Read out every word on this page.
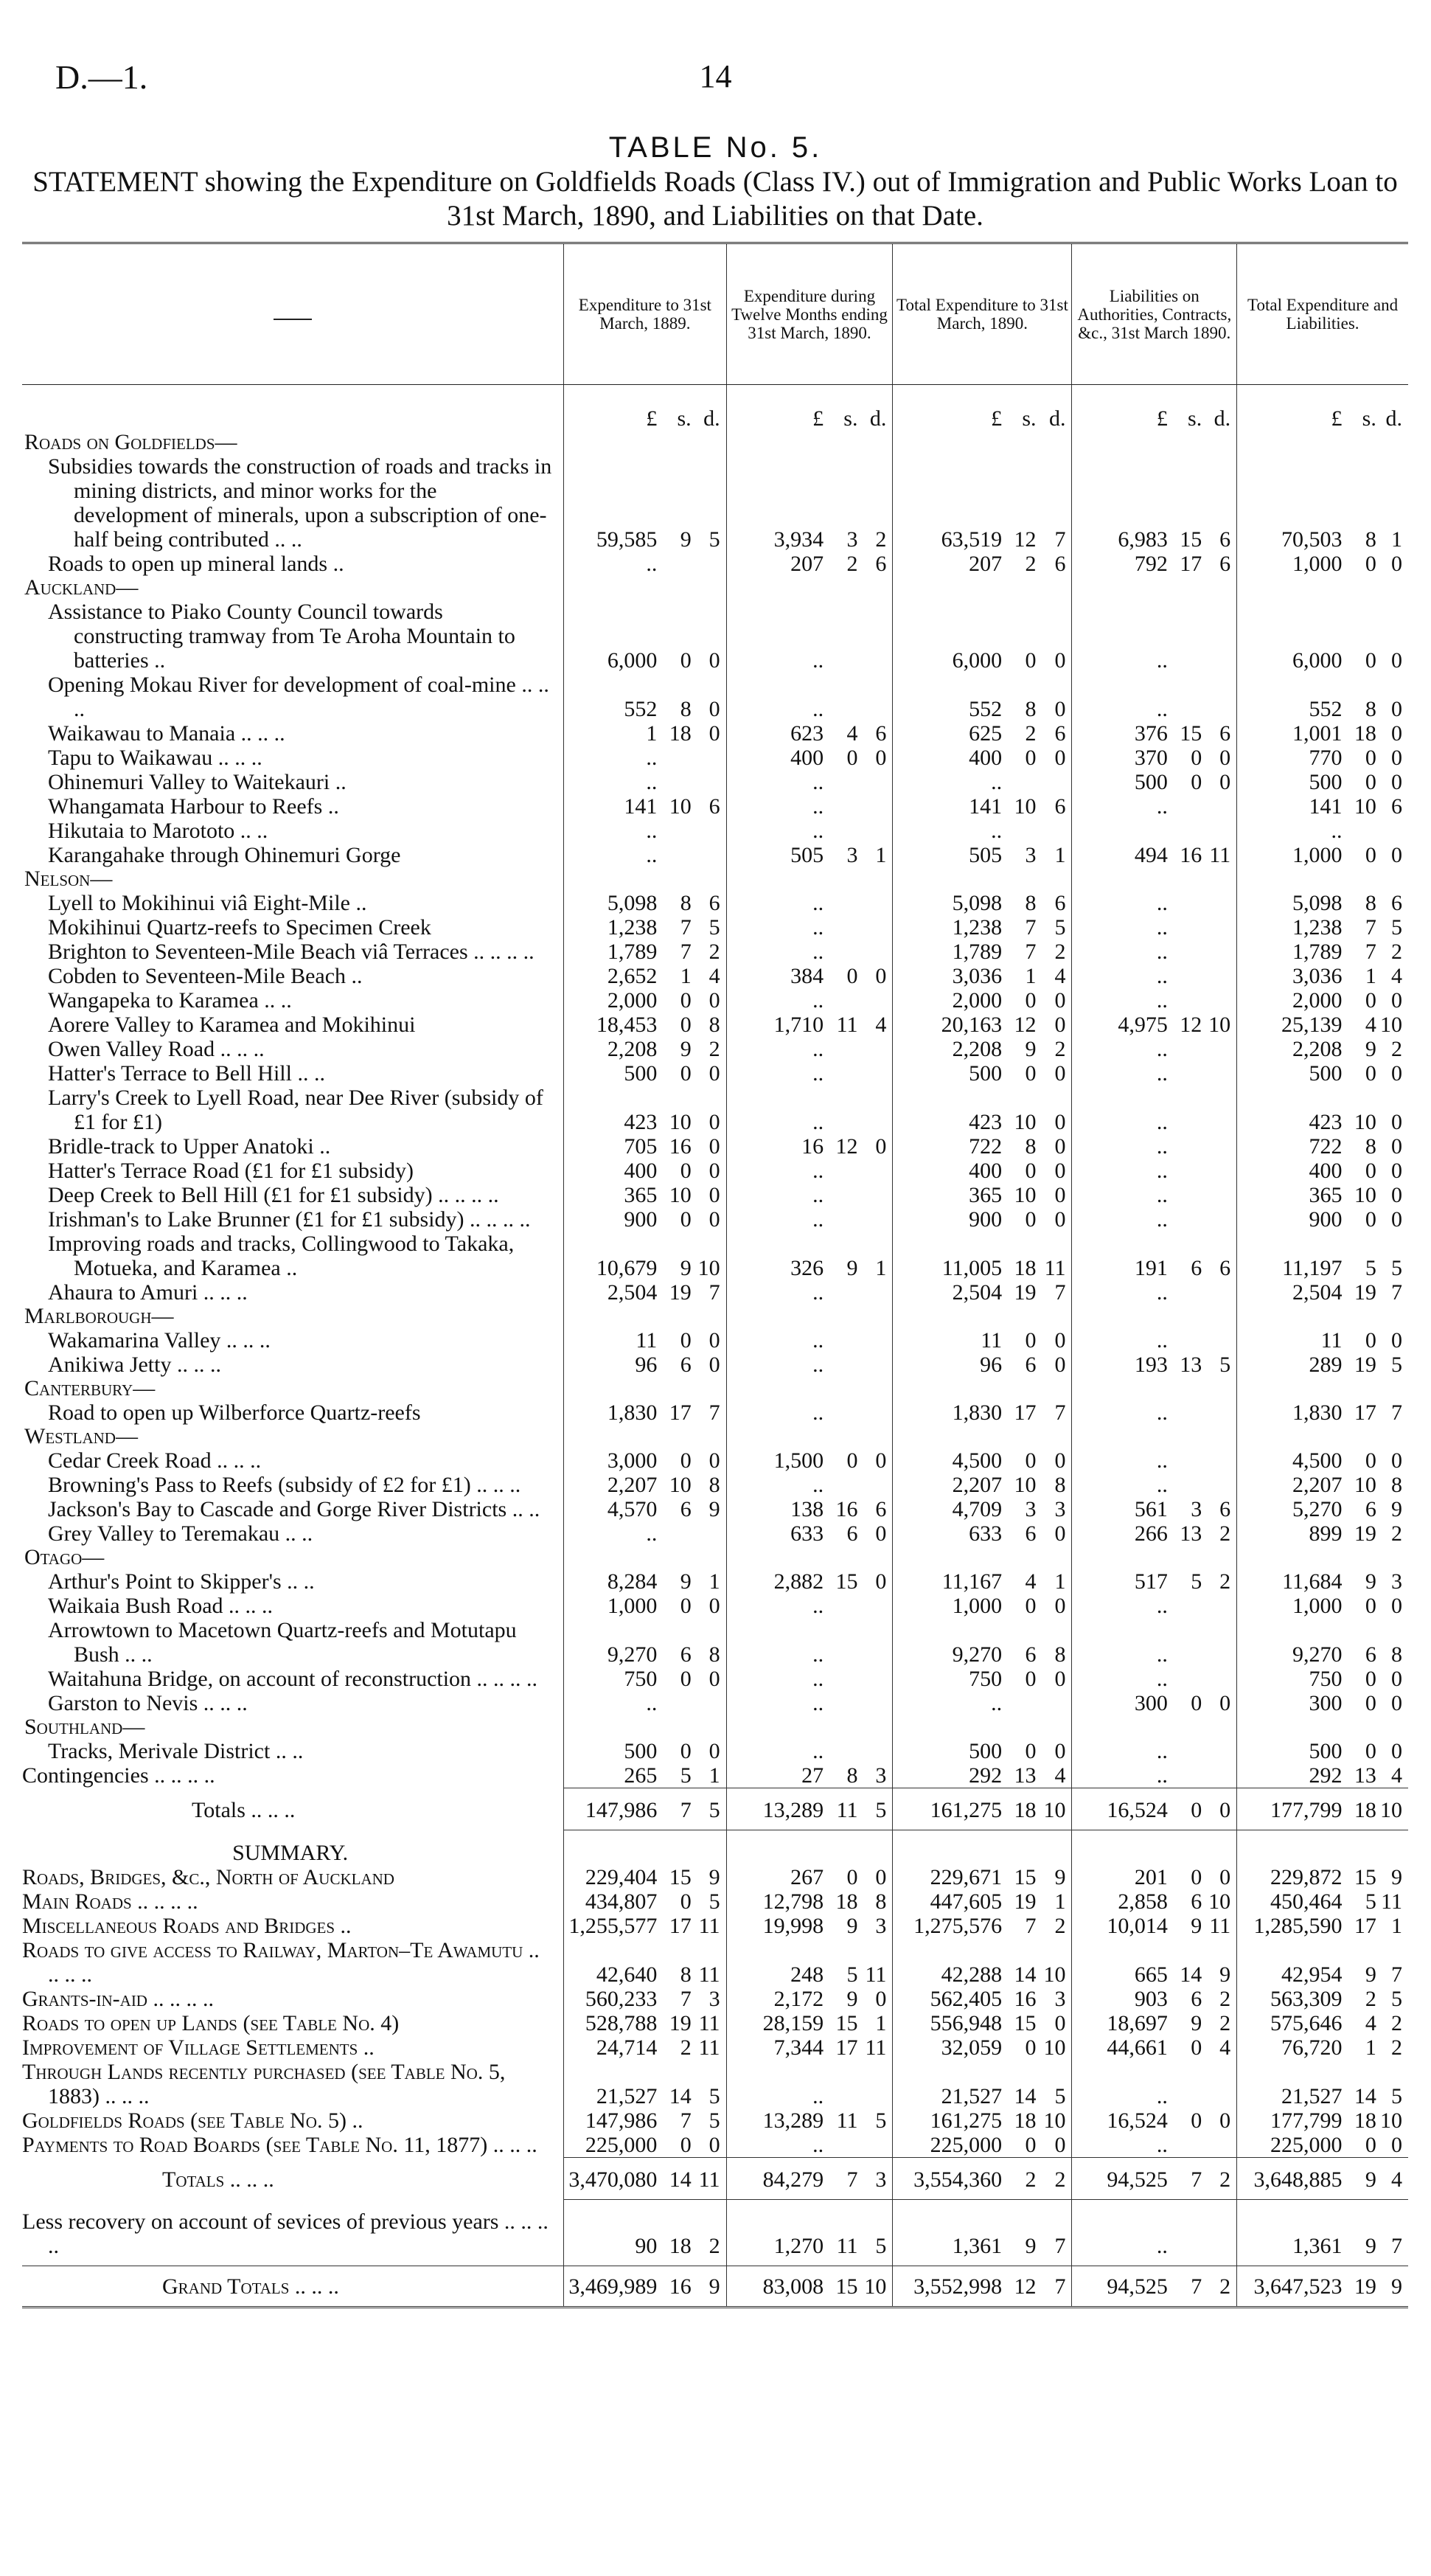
D.—1.	14
TABLE No. 5.
STATEMENT showing the Expenditure on Goldfields Roads (Class IV.) out of Immigration and Public Works Loan to 31st March, 1890, and Liabilities on that Date.
	Expenditure to 31st March, 1889.			Expenditure during Twelve Months ending 31st March, 1890.			Total Expenditure to 31st March, 1890.			Liabilities on Authorities, Contracts, &c., 31st March 1890.			Total Expenditure and Liabilities.		
	£	s.	d.	£	s.	d.	£	s.	d.	£	s.	d.	£	s.	d.
Roads on Goldfields—															
Subsidies towards the construction of roads and tracks in mining districts, and minor works for the development of minerals, upon a subscription of one-half being contributed .. ..	59,585	9	5	3,934	3	2	63,519	12	7	6,983	15	6	70,503	8	1
Roads to open up mineral lands ..	..			207	2	6	207	2	6	792	17	6	1,000	0	0
Auckland—															
Assistance to Piako County Council towards constructing tramway from Te Aroha Mountain to batteries ..	6,000	0	0	..			6,000	0	0	..			6,000	0	0
Opening Mokau River for development of coal-mine .. .. ..	552	8	0	..			552	8	0	..			552	8	0
Waikawau to Manaia .. .. ..	1	18	0	623	4	6	625	2	6	376	15	6	1,001	18	0
Tapu to Waikawau .. .. ..	..			400	0	0	400	0	0	370	0	0	770	0	0
Ohinemuri Valley to Waitekauri ..	..			..			..			500	0	0	500	0	0
Whangamata Harbour to Reefs ..	141	10	6	..			141	10	6	..			141	10	6
Hikutaia to Marototo .. ..	..			..			..						..		
Karangahake through Ohinemuri Gorge	..			505	3	1	505	3	1	494	16	11	1,000	0	0
Nelson—															
Lyell to Mokihinui viâ Eight-Mile ..	5,098	8	6	..			5,098	8	6	..			5,098	8	6
Mokihinui Quartz-reefs to Specimen Creek	1,238	7	5	..			1,238	7	5	..			1,238	7	5
Brighton to Seventeen-Mile Beach viâ Terraces .. .. .. ..	1,789	7	2	..			1,789	7	2	..			1,789	7	2
Cobden to Seventeen-Mile Beach ..	2,652	1	4	384	0	0	3,036	1	4	..			3,036	1	4
Wangapeka to Karamea .. ..	2,000	0	0	..			2,000	0	0	..			2,000	0	0
Aorere Valley to Karamea and Mokihinui	18,453	0	8	1,710	11	4	20,163	12	0	4,975	12	10	25,139	4	10
Owen Valley Road .. .. ..	2,208	9	2	..			2,208	9	2	..			2,208	9	2
Hatter's Terrace to Bell Hill .. ..	500	0	0	..			500	0	0	..			500	0	0
Larry's Creek to Lyell Road, near Dee River (subsidy of £1 for £1)	423	10	0	..			423	10	0	..			423	10	0
Bridle-track to Upper Anatoki ..	705	16	0	16	12	0	722	8	0	..			722	8	0
Hatter's Terrace Road (£1 for £1 subsidy)	400	0	0	..			400	0	0	..			400	0	0
Deep Creek to Bell Hill (£1 for £1 subsidy) .. .. .. ..	365	10	0	..			365	10	0	..			365	10	0
Irishman's to Lake Brunner (£1 for £1 subsidy) .. .. .. ..	900	0	0	..			900	0	0	..			900	0	0
Improving roads and tracks, Collingwood to Takaka, Motueka, and Karamea ..	10,679	9	10	326	9	1	11,005	18	11	191	6	6	11,197	5	5
Ahaura to Amuri .. .. ..	2,504	19	7	..			2,504	19	7	..			2,504	19	7
Marlborough—															
Wakamarina Valley .. .. ..	11	0	0	..			11	0	0	..			11	0	0
Anikiwa Jetty .. .. ..	96	6	0	..			96	6	0	193	13	5	289	19	5
Canterbury—															
Road to open up Wilberforce Quartz-reefs	1,830	17	7	..			1,830	17	7	..			1,830	17	7
Westland—															
Cedar Creek Road .. .. ..	3,000	0	0	1,500	0	0	4,500	0	0	..			4,500	0	0
Browning's Pass to Reefs (subsidy of £2 for £1) .. .. ..	2,207	10	8	..			2,207	10	8	..			2,207	10	8
Jackson's Bay to Cascade and Gorge River Districts .. ..	4,570	6	9	138	16	6	4,709	3	3	561	3	6	5,270	6	9
Grey Valley to Teremakau .. ..	..			633	6	0	633	6	0	266	13	2	899	19	2
Otago—															
Arthur's Point to Skipper's .. ..	8,284	9	1	2,882	15	0	11,167	4	1	517	5	2	11,684	9	3
Waikaia Bush Road .. .. ..	1,000	0	0	..			1,000	0	0	..			1,000	0	0
Arrowtown to Macetown Quartz-reefs and Motutapu Bush .. ..	9,270	6	8	..			9,270	6	8	..			9,270	6	8
Waitahuna Bridge, on account of reconstruction .. .. .. ..	750	0	0	..			750	0	0	..			750	0	0
Garston to Nevis .. .. ..	..			..			..			300	0	0	300	0	0
Southland—															
Tracks, Merivale District .. ..	500	0	0	..			500	0	0	..			500	0	0
Contingencies .. .. .. ..	265	5	1	27	8	3	292	13	4	..			292	13	4
Totals .. .. ..	147,986	7	5	13,289	11	5	161,275	18	10	16,524	0	0	177,799	18	10
SUMMARY.															
Roads, Bridges, &c., North of Auckland	229,404	15	9	267	0	0	229,671	15	9	201	0	0	229,872	15	9
Main Roads .. .. .. ..	434,807	0	5	12,798	18	8	447,605	19	1	2,858	6	10	450,464	5	11
Miscellaneous Roads and Bridges ..	1,255,577	17	11	19,998	9	3	1,275,576	7	2	10,014	9	11	1,285,590	17	1
Roads to give access to Railway, Marton–Te Awamutu .. .. .. ..	42,640	8	11	248	5	11	42,288	14	10	665	14	9	42,954	9	7
Grants-in-aid .. .. .. ..	560,233	7	3	2,172	9	0	562,405	16	3	903	6	2	563,309	2	5
Roads to open up Lands (see Table No. 4)	528,788	19	11	28,159	15	1	556,948	15	0	18,697	9	2	575,646	4	2
Improvement of Village Settlements ..	24,714	2	11	7,344	17	11	32,059	0	10	44,661	0	4	76,720	1	2
Through Lands recently purchased (see Table No. 5, 1883) .. .. ..	21,527	14	5	..			21,527	14	5	..			21,527	14	5
Goldfields Roads (see Table No. 5) ..	147,986	7	5	13,289	11	5	161,275	18	10	16,524	0	0	177,799	18	10
Payments to Road Boards (see Table No. 11, 1877) .. .. ..	225,000	0	0	..			225,000	0	0	..			225,000	0	0
Totals .. .. ..	3,470,080	14	11	84,279	7	3	3,554,360	2	2	94,525	7	2	3,648,885	9	4
Less recovery on account of sevices of previous years .. .. .. ..	90	18	2	1,270	11	5	1,361	9	7	..			1,361	9	7
Grand Totals .. .. ..	3,469,989	16	9	83,008	15	10	3,552,998	12	7	94,525	7	2	3,647,523	19	9
